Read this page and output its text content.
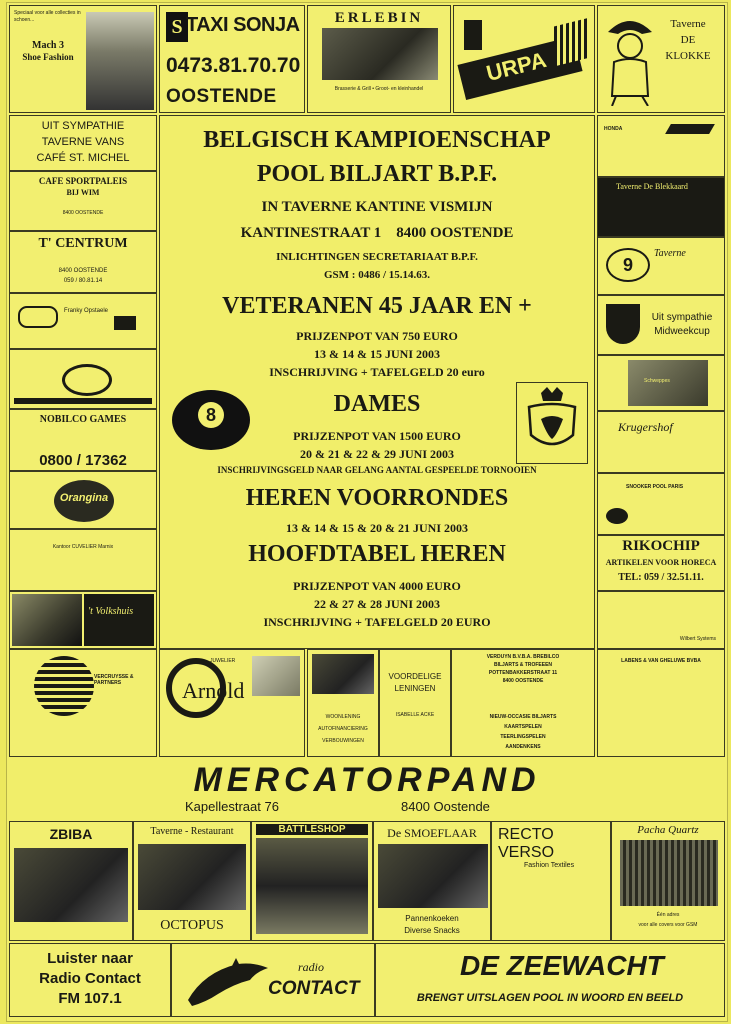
Speciaal voor alle collecties in schoen...
Mach 3
Shoe Fashion
S TAXI SONJA
0473.81.70.70
OOSTENDE
ERLEBIN
Brasserie & Grill • Groot- en kleinhandel
URPA
Taverne
DE
KLOKKE
UIT SYMPATHIE
TAVERNE VANS
CAFÉ ST. MICHEL
CAFE SPORTPALEIS
BIJ WIM
8400 OOSTENDE
T' CENTRUM
8400 OOSTENDE
059 / 80.81.14
Franky Opstaele
NOBILCO GAMES
0800 / 17362
Orangina
Kantoor CUVELIER Marnix
't Volkshuis
BELGISCH KAMPIOENSCHAP
POOL BILJART B.P.F.
IN TAVERNE KANTINE VISMIJN
KANTINESTRAAT 1    8400 OOSTENDE
INLICHTINGEN SECRETARIAAT B.P.F.
GSM : 0486 / 15.14.63.
VETERANEN 45 JAAR EN +
PRIJZENPOT VAN 750 EURO
13 & 14 & 15 JUNI 2003
INSCHRIJVING + TAFELGELD 20 euro
8	DAMES
PRIJZENPOT VAN 1500 EURO
20 & 21 & 22 & 29 JUNI 2003
INSCHRIJVINGSGELD NAAR GELANG AANTAL GESPEELDE TORNOOIEN
HEREN VOORRONDES
13 & 14 & 15 & 20 & 21 JUNI 2003
HOOFDTABEL HEREN
PRIJZENPOT VAN 4000 EURO
22 & 27 & 28 JUNI 2003
INSCHRIJVING + TAFELGELD 20 EURO
HONDA
Taverne De Blekkaard
9
Taverne
Uit sympathie
Midweekcup
Schweppes
Krugershof
SNOOKER POOL PARIS
RIKOCHIP
ARTIKELEN VOOR HORECA
TEL: 059 / 32.51.11.
Wilbert Systems
VERCRUYSSE & PARTNERS
JUWELIER
Arnold
WOONLENING
AUTOFINANCIERING
VERBOUWINGEN
VOORDELIGE
LENINGEN
ISABELLE ACKE
VERDUYN B.V.B.A. BREBILCO
BILJARTS & TROFEEEN
POTTENBAKKERSTRAAT 11
8400 OOSTENDE
NIEUW-OCCASIE BILJARTS
KAARTSPELEN
TEERLINGSPELEN
AANDENKENS
LABENS & VAN GHELUWE BVBA
MERCATORPAND
Kapellestraat 76	8400 Oostende
ZBIBA	Taverne - Restaurant
OCTOPUS
BATTLESHOP	De SMOEFLAAR
Pannenkoeken
Diverse Snacks
RECTO VERSO
Fashion Textiles
Pacha Quartz
Één adres
voor alle covers voor GSM
Luister naar
Radio Contact
FM 107.1
radio
CONTACT
DE ZEEWACHT
BRENGT UITSLAGEN POOL IN WOORD EN BEELD
